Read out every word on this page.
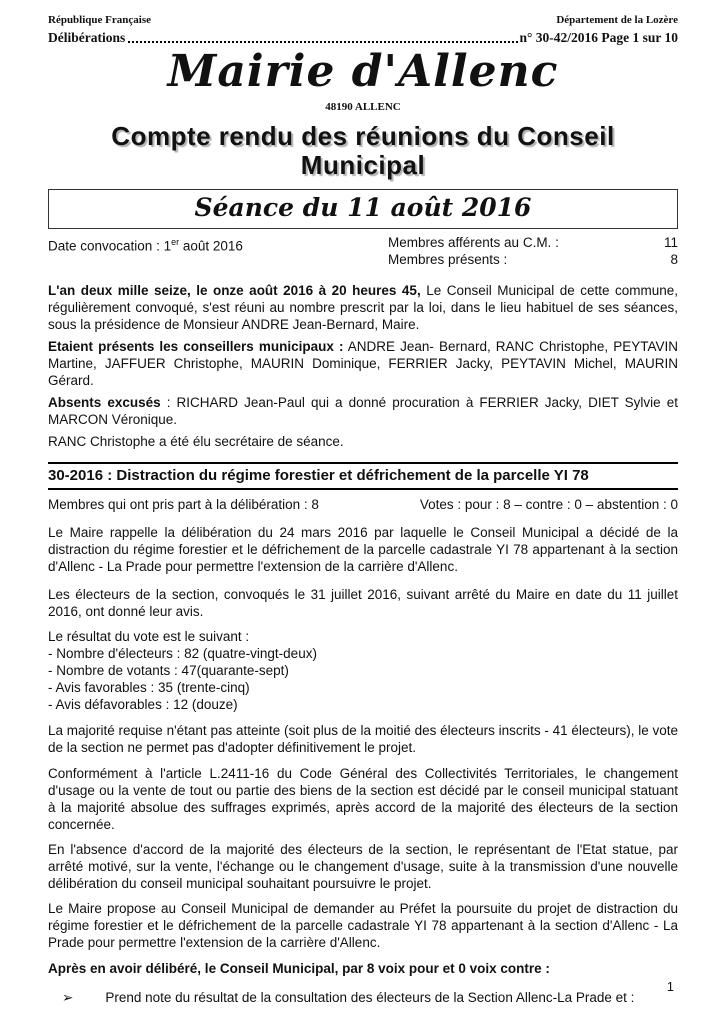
République Française	Département de la Lozère
Délibérations	n° 30-42/2016 Page 1 sur 10
Mairie d'Allenc
48190 ALLENC
Compte rendu des réunions du Conseil Municipal
Séance du 11 août 2016
Date convocation : 1er août 2016	Membres afférents au C.M. :	11
Membres présents :	8

L'an deux mille seize, le onze août 2016 à 20 heures 45, Le Conseil Municipal de cette commune, régulièrement convoqué, s'est réuni au nombre prescrit par la loi, dans le lieu habituel de ses séances, sous la présidence de Monsieur ANDRE Jean-Bernard, Maire.

Etaient présents les conseillers municipaux : ANDRE Jean- Bernard, RANC Christophe, PEYTAVIN Martine, JAFFUER Christophe, MAURIN Dominique, FERRIER Jacky, PEYTAVIN Michel, MAURIN Gérard.

Absents excusés : RICHARD Jean-Paul qui a donné procuration à FERRIER Jacky, DIET Sylvie et MARCON Véronique.

RANC Christophe a été élu secrétaire de séance.

30-2016 : Distraction du régime forestier et défrichement de la parcelle YI 78
Membres qui ont pris part à la délibération : 8	Votes : pour : 8 – contre : 0 – abstention : 0

Le Maire rappelle la délibération du 24 mars 2016 par laquelle le Conseil Municipal a décidé de la distraction du régime forestier et le défrichement de la parcelle cadastrale YI 78 appartenant à la section d'Allenc - La Prade pour permettre l'extension de la carrière d'Allenc.

Les électeurs de la section, convoqués le 31 juillet 2016, suivant arrêté du Maire en date du 11 juillet 2016, ont donné leur avis.

Le résultat du vote est le suivant :
- Nombre d'électeurs : 82 (quatre-vingt-deux)
- Nombre de votants : 47(quarante-sept)
- Avis favorables : 35 (trente-cinq)
- Avis défavorables : 12 (douze)

La majorité requise n'étant pas atteinte (soit plus de la moitié des électeurs inscrits - 41 électeurs), le vote de la section ne permet pas d'adopter définitivement le projet.

Conformément à l'article L.2411-16 du Code Général des Collectivités Territoriales, le changement d'usage ou la vente de tout ou partie des biens de la section est décidé par le conseil municipal statuant à la majorité absolue des suffrages exprimés, après accord de la majorité des électeurs de la section concernée.

En l'absence d'accord de la majorité des électeurs de la section, le représentant de l'Etat statue, par arrêté motivé, sur la vente, l'échange ou le changement d'usage, suite à la transmission d'une nouvelle délibération du conseil municipal souhaitant poursuivre le projet.

Le Maire propose au Conseil Municipal de demander au Préfet la poursuite du projet de distraction du régime forestier et le défrichement de la parcelle cadastrale YI 78 appartenant à la section d'Allenc - La Prade pour permettre l'extension de la carrière d'Allenc.

Après en avoir délibéré, le Conseil Municipal, par 8 voix pour et 0 voix contre :

➢ Prend note du résultat de la consultation des électeurs de la Section Allenc-La Prade et :
1
